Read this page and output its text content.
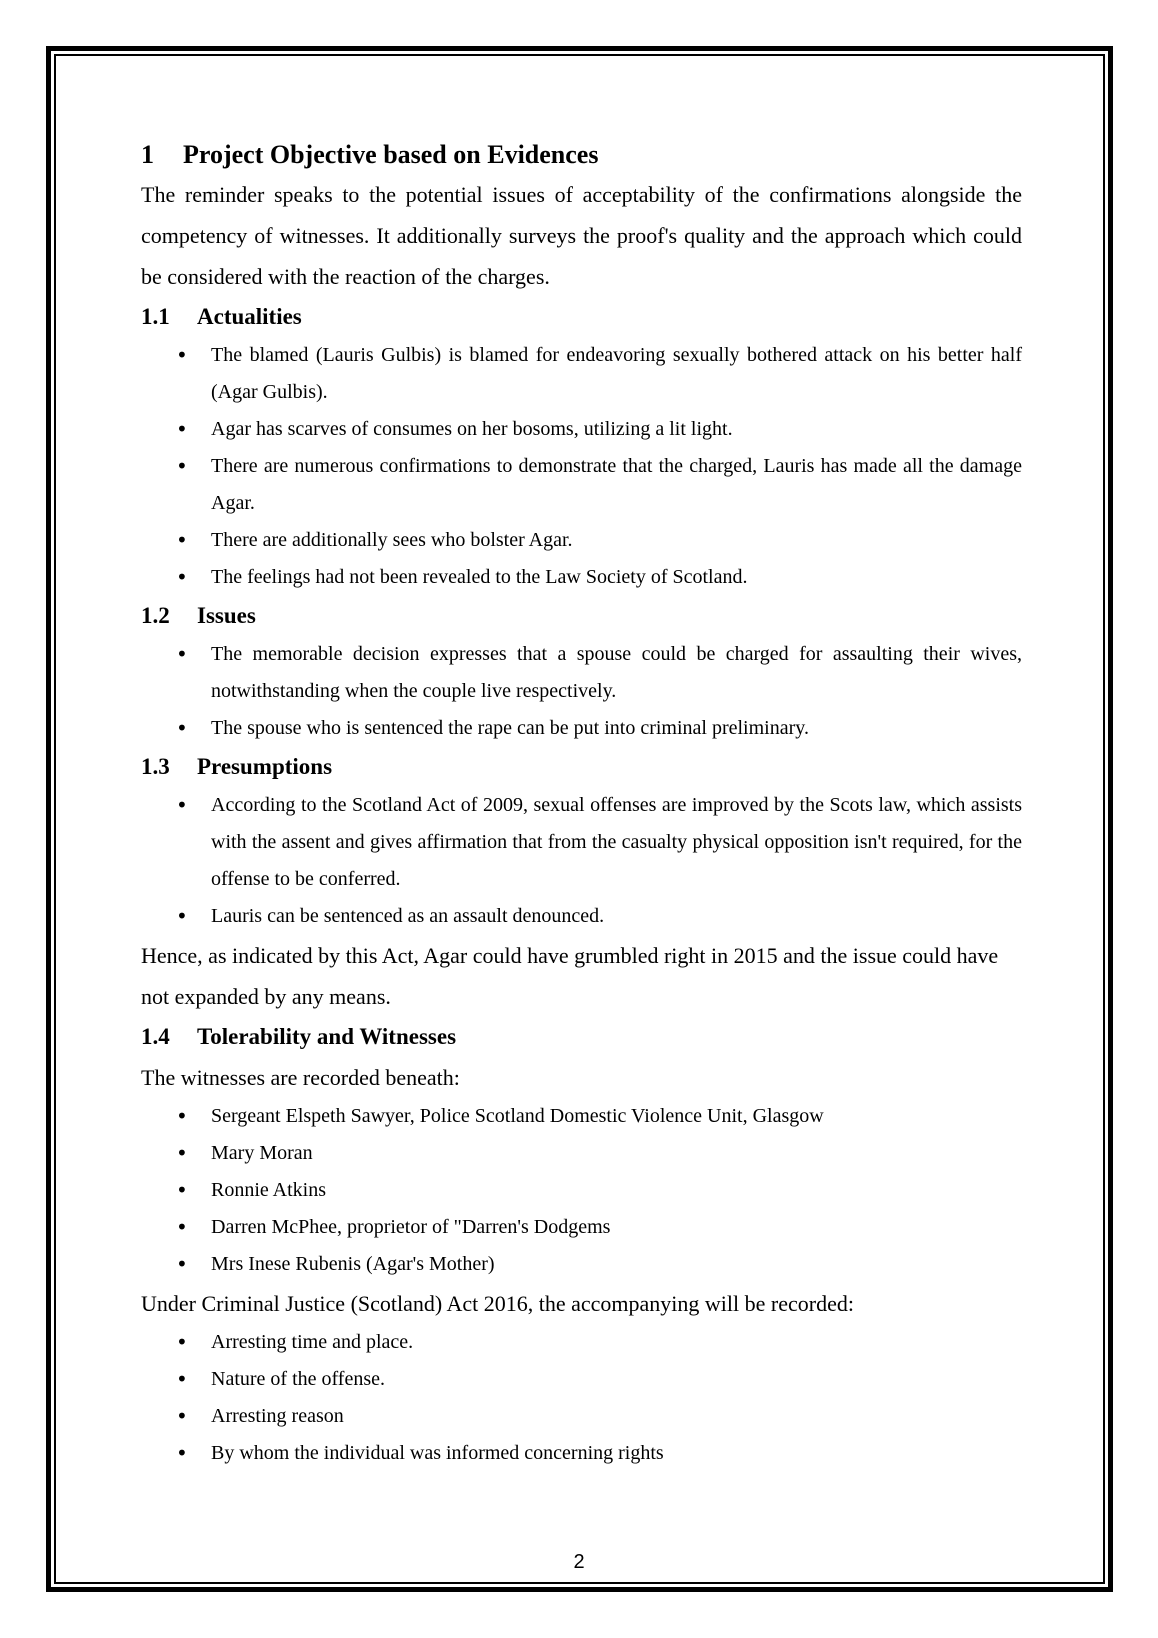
1	Project Objective based on Evidences

The reminder speaks to the potential issues of acceptability of the confirmations alongside the competency of witnesses. It additionally surveys the proof's quality and the approach which could be considered with the reaction of the charges.

1.1	Actualities
• The blamed (Lauris Gulbis) is blamed for endeavoring sexually bothered attack on his better half (Agar Gulbis).
• Agar has scarves of consumes on her bosoms, utilizing a lit light.
• There are numerous confirmations to demonstrate that the charged, Lauris has made all the damage Agar.
• There are additionally sees who bolster Agar.
• The feelings had not been revealed to the Law Society of Scotland.
1.2	Issues
• The memorable decision expresses that a spouse could be charged for assaulting their wives, notwithstanding when the couple live respectively.
• The spouse who is sentenced the rape can be put into criminal preliminary.
1.3	Presumptions
• According to the Scotland Act of 2009, sexual offenses are improved by the Scots law, which assists with the assent and gives affirmation that from the casualty physical opposition isn't required, for the offense to be conferred.
• Lauris can be sentenced as an assault denounced.

Hence, as indicated by this Act, Agar could have grumbled right in 2015 and the issue could have not expanded by any means.

1.4	Tolerability and Witnesses

The witnesses are recorded beneath:

• Sergeant Elspeth Sawyer, Police Scotland Domestic Violence Unit, Glasgow
• Mary Moran
• Ronnie Atkins
• Darren McPhee, proprietor of "Darren's Dodgems
• Mrs Inese Rubenis (Agar's Mother)

Under Criminal Justice (Scotland) Act 2016, the accompanying will be recorded:

• Arresting time and place.
• Nature of the offense.
• Arresting reason
• By whom the individual was informed concerning rights
2
